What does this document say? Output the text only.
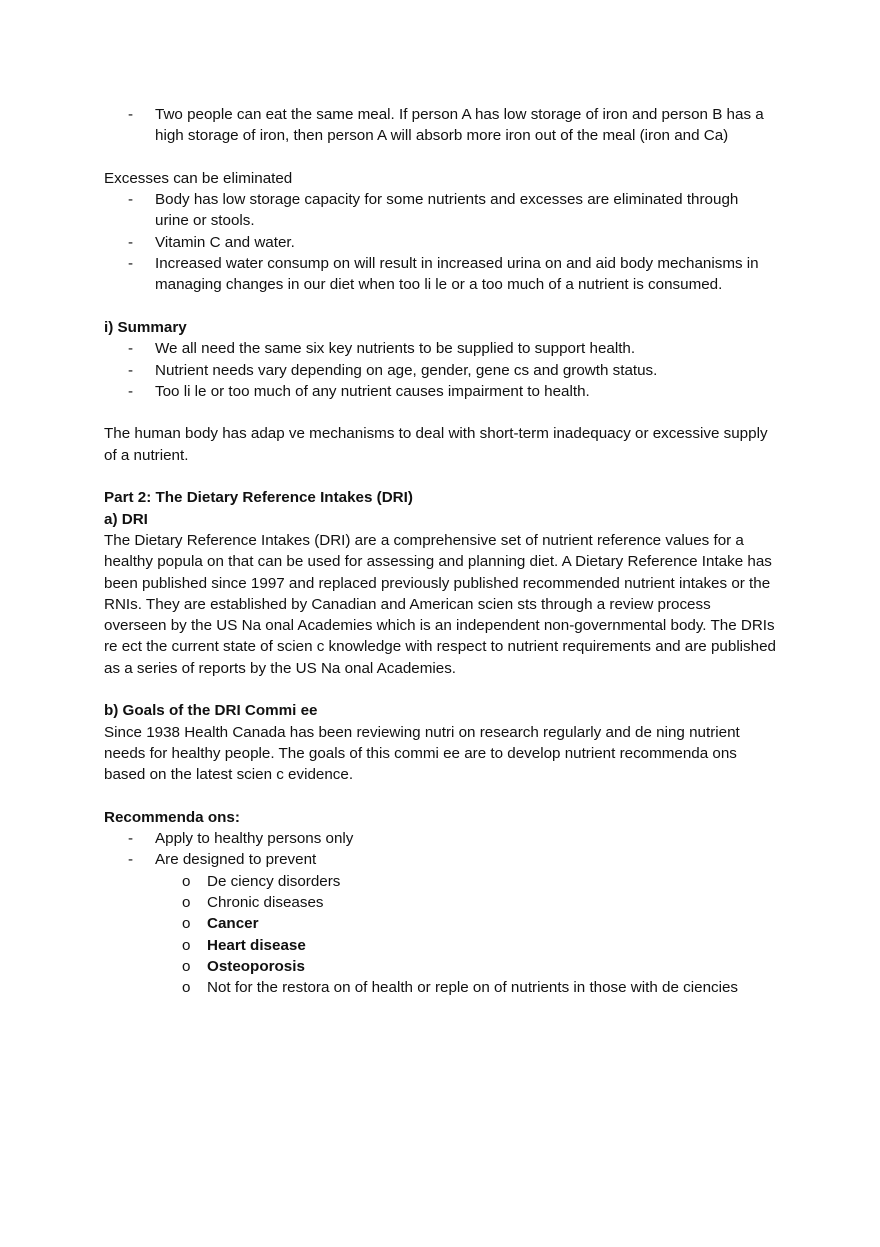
- Two people can eat the same meal. If person A has low storage of iron and person B has a high storage of iron, then person A will absorb more iron out of the meal (iron and Ca)

Excesses can be eliminated

- Body has low storage capacity for some nutrients and excesses are eliminated through urine or stools.
- Vitamin C and water.
- Increased water consump on will result in increased urina on and aid body mechanisms in managing changes in our diet when too li le or a too much of a nutrient is consumed.

i) Summary

- We all need the same six key nutrients to be supplied to support health.
- Nutrient needs vary depending on age, gender, gene cs and growth status.
- Too li le or too much of any nutrient causes impairment to health.

The human body has adap ve mechanisms to deal with short-term inadequacy or excessive supply of a nutrient.

Part 2: The Dietary Reference Intakes (DRI)

a) DRI

The Dietary Reference Intakes (DRI) are a comprehensive set of nutrient reference values for a healthy popula on that can be used for assessing and planning diet. A Dietary Reference Intake has been published since 1997 and replaced previously published recommended nutrient intakes or the RNIs. They are established by Canadian and American scien sts through a review process overseen by the US Na onal Academies which is an independent non-governmental body. The DRIs re ect the current state of scien c knowledge with respect to nutrient requirements and are published as a series of reports by the US Na onal Academies.

b) Goals of the DRI Commi ee

Since 1938 Health Canada has been reviewing nutri on research regularly and de ning nutrient needs for healthy people. The goals of this commi ee are to develop nutrient recommenda ons based on the latest scien c evidence.

Recommenda ons:

- Apply to healthy persons only
- Are designed to prevent
o De ciency disorders
o Chronic diseases
o Cancer
o Heart disease
o Osteoporosis
o Not for the restora on of health or reple on of nutrients in those with de ciencies
